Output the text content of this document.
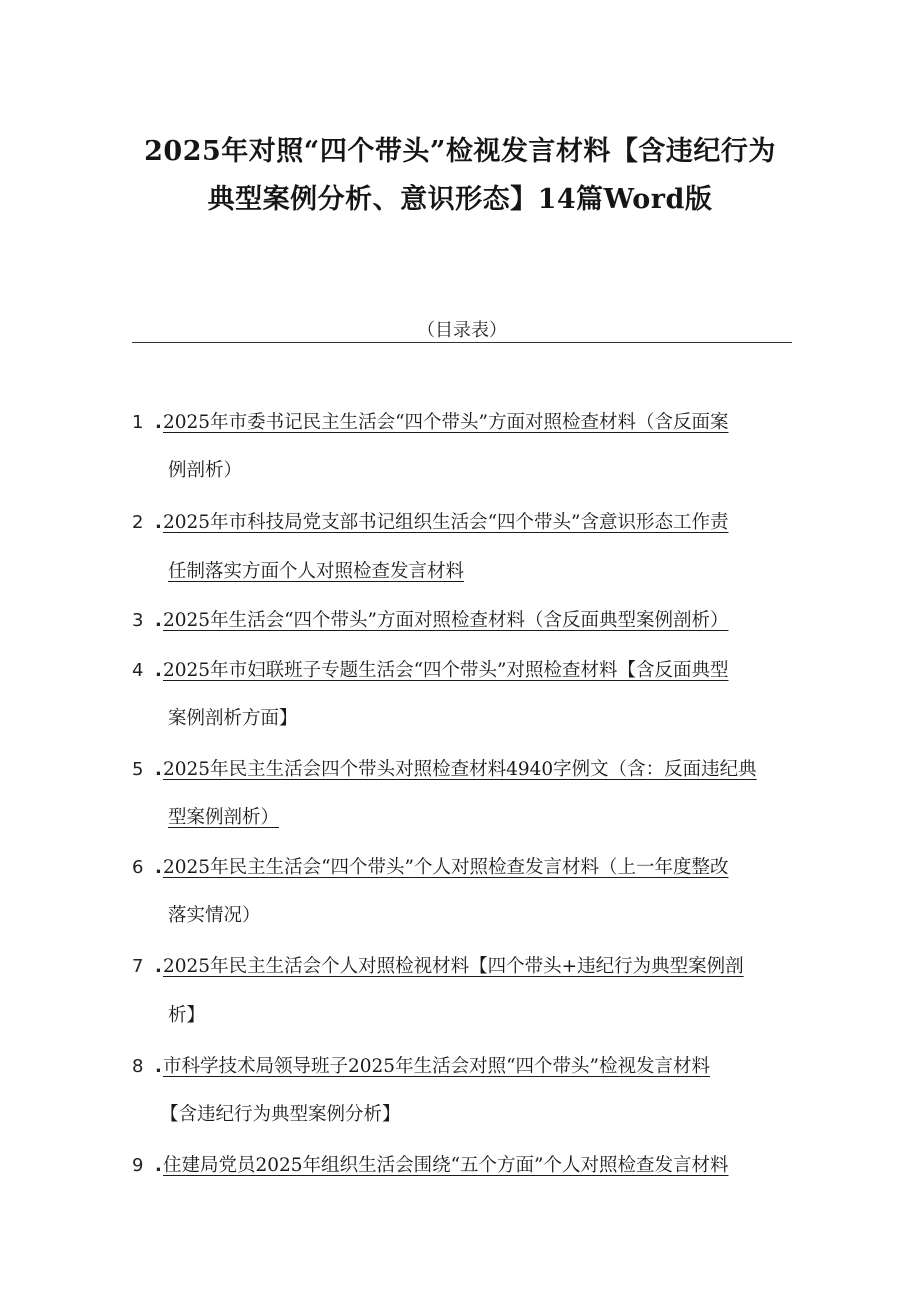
2025年对照“四个带头”检视发言材料【含违纪行为
典型案例分析、意识形态】14篇Word版
（目录表）
1 . 2025年市委书记民主生活会“四个带头”方面对照检查材料（含反面案
例剖析）
2 . 2025年市科技局党支部书记组织生活会“四个带头”含意识形态工作责
任制落实方面个人对照检查发言材料
3 . 2025年生活会“四个带头”方面对照检查材料（含反面典型案例剖析）
4 . 2025年市妇联班子专题生活会“四个带头”对照检查材料【含反面典型
案例剖析方面】
5 . 2025年民主生活会四个带头对照检查材料4940字例文（含：反面违纪典
型案例剖析）
6 . 2025年民主生活会“四个带头”个人对照检查发言材料（上一年度整改
落实情况）
7 . 2025年民主生活会个人对照检视材料【四个带头+违纪行为典型案例剖
析】
8 . 市科学技术局领导班子2025年生活会对照“四个带头”检视发言材料
【含违纪行为典型案例分析】
9 . 住建局党员2025年组织生活会围绕“五个方面”个人对照检查发言材料
